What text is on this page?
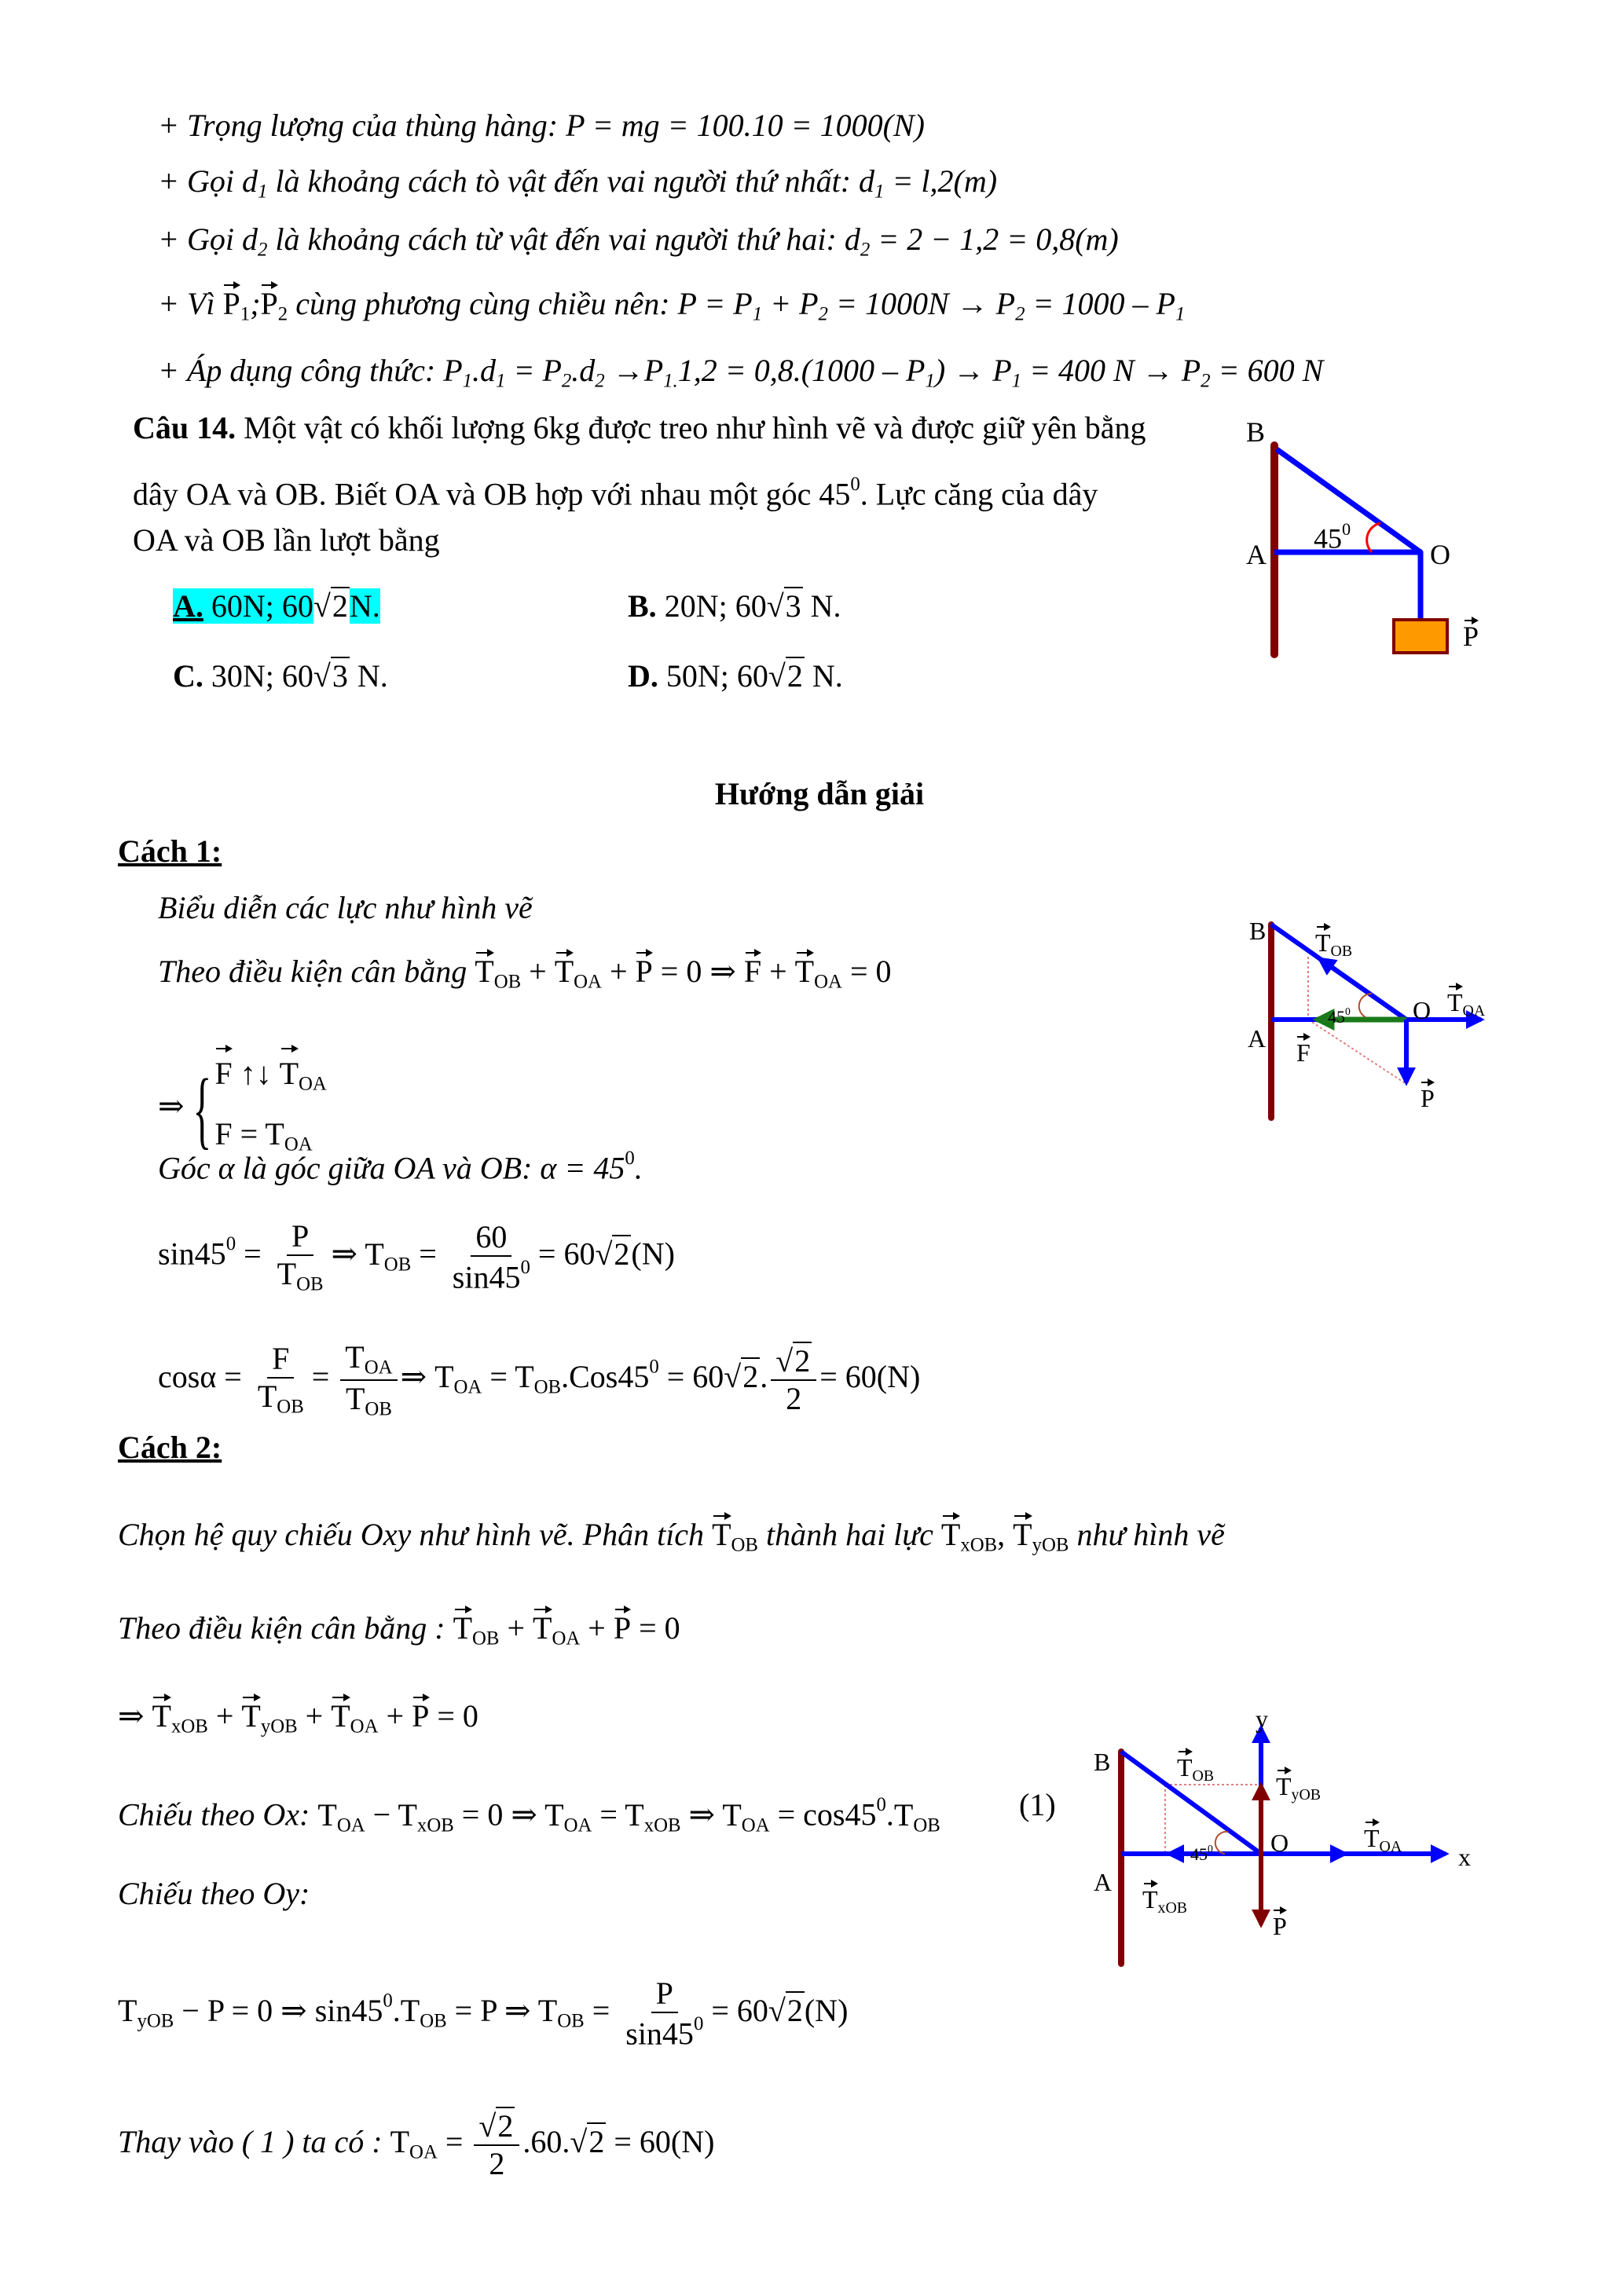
+ Trọng lượng của thùng hàng: P = mg = 100.10 = 1000(N)
+ Gọi $d_1$ là khoảng cách tò vật đến vai người thứ nhất: $d_1 = l,2(m)$
+ Gọi $d_2$ là khoảng cách từ vật đến vai người thứ hai: $d_2 = 2 - 1,2 = 0,8(m)$
+ Vì
$P_1$;
$P_2$ cùng phương cùng chiều nên: $P = P_1 + P_2 = 1000N \to P_2 = 1000 - P_1$
+ Áp dụng công thức: $P_1.d_1 = P_2.d_2 \to P_{1.}1,2 = 0,8.(1000 - P_1) \to P_1 = 400$ $N \to P_2 = 600$ N
Câu 14. Một vật có khối lượng 6kg được treo như hình vẽ và được giữ yên bằng
dây OA và OB. Biết OA và OB hợp với nhau một góc $45^0$. Lực căng của dây
OA và OB lần lượt bằng
A. 60N; 60√2N.	B. 20N; 60√3 N.
C. 30N; 60√3 N.	D. 50N; 60√2 N.
Hướng dẫn giải
Cách 1:
Biểu diễn các lực như hình vẽ
Theo điều kiện cân bằng
$T_{OB}$ +
$T_{OA}$ +
P = 0 ⇒
F +
$T_{OA} = 0$
⇒ { F ↑↓
$T_{OA}$
$F = T_{OA}$
Góc α là góc giữa OA và OB: $\alpha = 45^0$.
$\sin 45^0 = \frac{P}{T_{OB}}$ ⇒ $T_{OB} = \frac{60}{\sin 45^0} = 60√2(N)$
$\cos\alpha = \frac{F}{T_{OB}} = \frac{T_{OA}}{T_{OB}}$ ⇒ $T_{OA} = T_{OB}.Cos45^0 = 60√2$. $\frac{√2}{2} = 60(N)$
Cách 2:
Chọn hệ quy chiếu Oxy như hình vẽ. Phân tích
$T_{OB}$ thành hai lực
$T_{xOB}$,
$T_{yOB}$ như hình vẽ
Theo điều kiện cân bằng :
$T_{OB}$ +
$T_{OA}$ +
P = 0
⇒
$T_{xOB}$ +
$T_{yOB}$ +
$T_{OA}$ +
P = 0
Chiếu theo Ox: $T_{OA} - T_{xOB} = 0$ ⇒ $T_{OA} = T_{xOB}$ ⇒ $T_{OA} = \cos 45^0.T_{OB}$
(1)
Chiếu theo Oy:
$T_{yOB} - P = 0$ ⇒ $\sin 45^0.T_{OB} = P$ ⇒ $T_{OB} = \frac{P}{\sin 45^0} = 60√2(N)$
Thay vào ( 1 ) ta có : $T_{OA} = \frac{√2}{2} .60.√2 = 60(N)$
B
A	O
$45^0$
P
B
A
O
$T_{OB}$
$T_{OA}$
F
P
$45^0$
B
A
O
y
x
$T_{OB}$ $T_{yOB}$
$T_{OA}$
$T_{xOB}$
P
$45^0$
